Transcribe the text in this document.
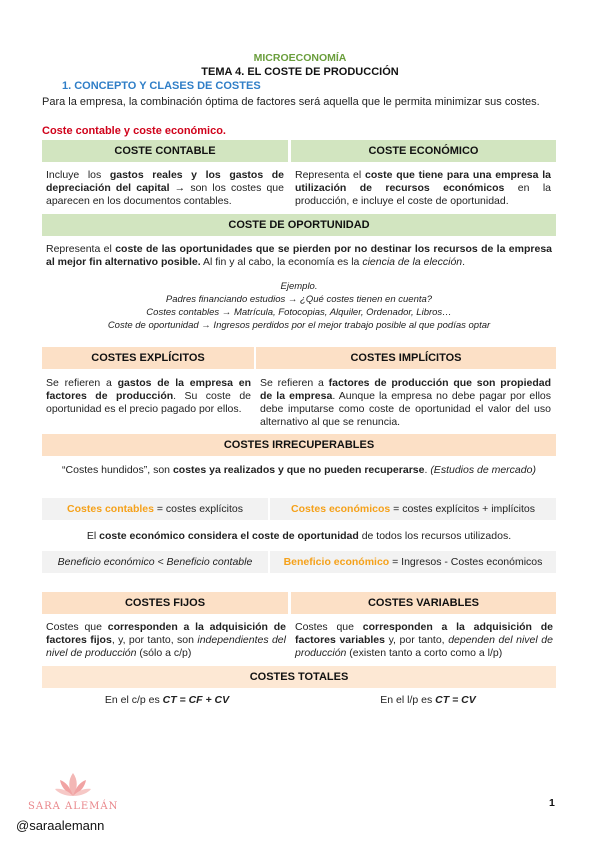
MICROECONOMÍA
TEMA 4. EL COSTE DE PRODUCCIÓN
1. CONCEPTO Y CLASES DE COSTES
Para la empresa, la combinación óptima de factores será aquella que le permita minimizar sus costes.
Coste contable y coste económico.
COSTE CONTABLE	COSTE ECONÓMICO
Incluye los gastos reales y los gastos de depreciación del capital → son los costes que aparecen en los documentos contables.
Representa el coste que tiene para una empresa la utilización de recursos económicos en la producción, e incluye el coste de oportunidad.
COSTE DE OPORTUNIDAD
Representa el coste de las oportunidades que se pierden por no destinar los recursos de la empresa al mejor fin alternativo posible. Al fin y al cabo, la economía es la ciencia de la elección.
Ejemplo.
Padres financiando estudios → ¿Qué costes tienen en cuenta?
Costes contables → Matrícula, Fotocopias, Alquiler, Ordenador, Libros…
Coste de oportunidad → Ingresos perdidos por el mejor trabajo posible al que podías optar
COSTES EXPLÍCITOS	COSTES IMPLÍCITOS
Se refieren a gastos de la empresa en factores de producción. Su coste de oportunidad es el precio pagado por ellos.
Se refieren a factores de producción que son propiedad de la empresa. Aunque la empresa no debe pagar por ellos debe imputarse como coste de oportunidad el valor del uso alternativo al que se renuncia.
COSTES IRRECUPERABLES
“Costes hundidos”, son costes ya realizados y que no pueden recuperarse. (Estudios de mercado)
Costes contables = costes explícitos	Costes económicos = costes explícitos + implícitos
El coste económico considera el coste de oportunidad de todos los recursos utilizados.
Beneficio económico < Beneficio contable	Beneficio económico = Ingresos - Costes económicos
COSTES FIJOS	COSTES VARIABLES
Costes que corresponden a la adquisición de factores fijos, y, por tanto, son independientes del nivel de producción (sólo a c/p)
Costes que corresponden a la adquisición de factores variables y, por tanto, dependen del nivel de producción (existen tanto a corto como a l/p)
COSTES TOTALES
En el c/p es CT = CF + CV	En el l/p es CT = CV
SARA ALEMÁN
@saraalemann
1
